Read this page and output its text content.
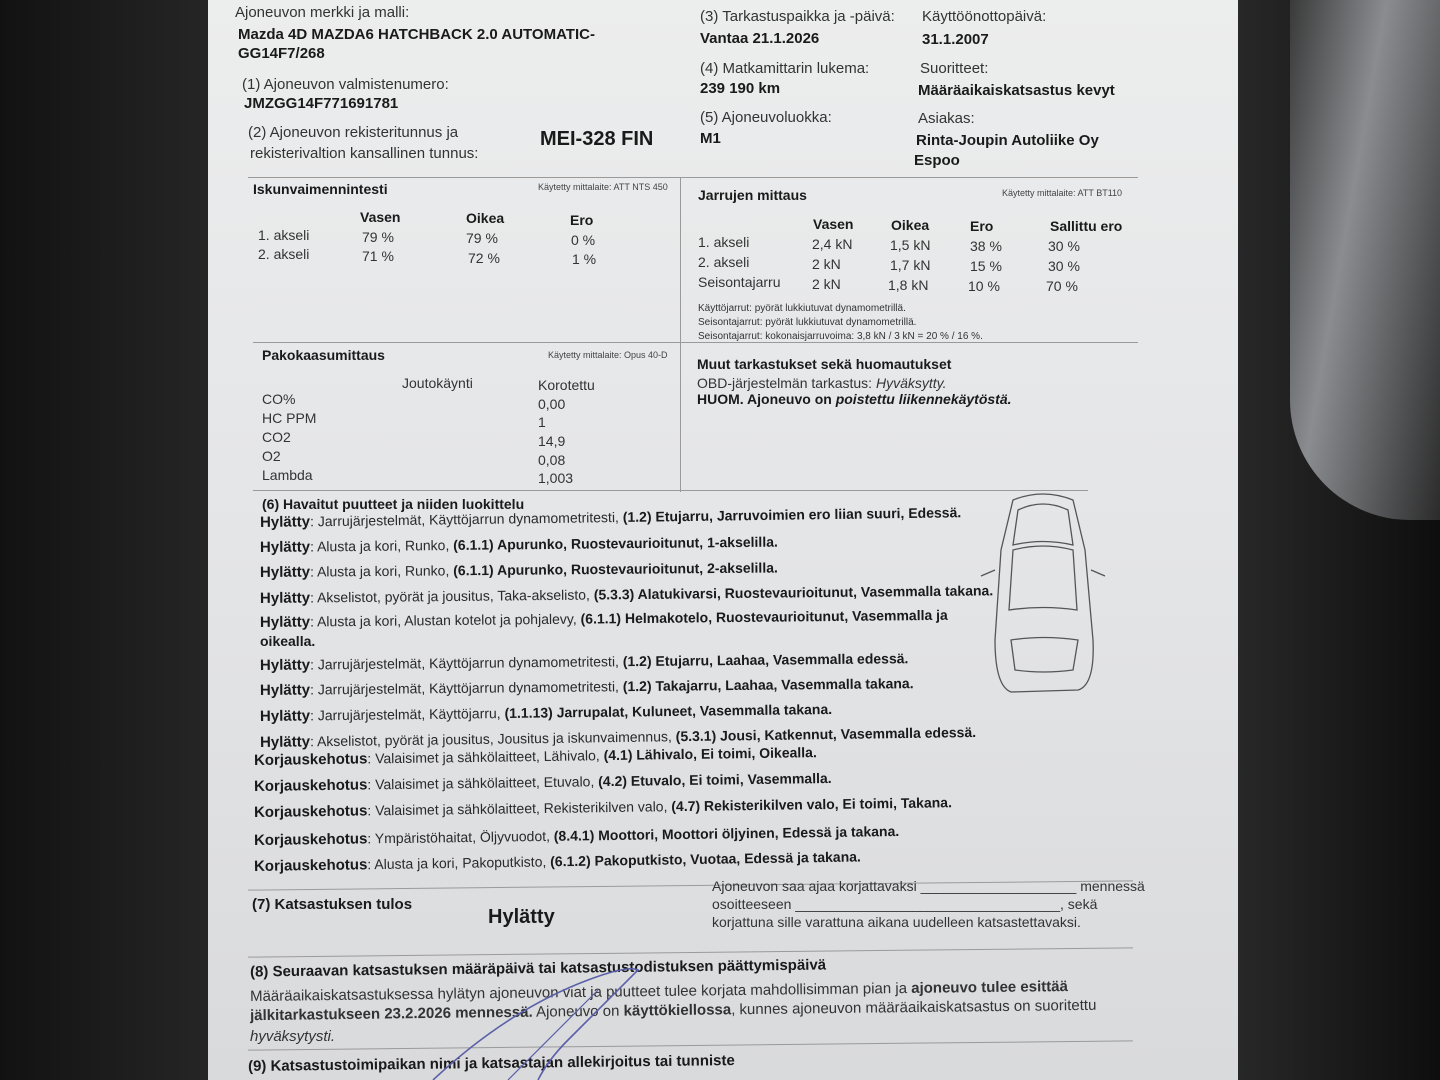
Ajoneuvon merkki ja malli:
Mazda 4D MAZDA6 HATCHBACK 2.0 AUTOMATIC-
GG14F7/268
(1) Ajoneuvon valmistenumero:
JMZGG14F771691781
(2) Ajoneuvon rekisteritunnus ja
rekisterivaltion kansallinen tunnus:
MEI-328 FIN
(3) Tarkastuspaikka ja -päivä:
Vantaa 21.1.2026
(4) Matkamittarin lukema:
239 190 km
(5) Ajoneuvoluokka:
M1
Käyttöönottopäivä:
31.1.2007
Suoritteet:
Määräaikaiskatsastus kevyt
Asiakas:
Rinta-Joupin Autoliike Oy
Espoo
Iskunvaimennintesti	Käytetty mittalaite: ATT NTS 450
Vasen	Oikea	Ero
1. akseli	79 %	79 %	0 %
2. akseli	71 %	72 %	1 %
Jarrujen mittaus	Käytetty mittalaite: ATT BT110
Vasen	Oikea	Ero	Sallittu ero
1. akseli	2,4 kN	1,5 kN	38 %	30 %
2. akseli	2 kN	1,7 kN	15 %	30 %
Seisontajarru 2 kN	1,8 kN	10 %	70 %
Käyttöjarrut: pyörät lukkiutuvat dynamometrillä.
Seisontajarrut: pyörät lukkiutuvat dynamometrillä.
Seisontajarrut: kokonaisjarruvoima: 3,8 kN / 3 kN = 20 % / 16 %.
Pakokaasumittaus	Käytetty mittalaite: Opus 40-D
Joutokäynti	Korotettu
CO%	0,00
HC PPM	1
CO2	14,9
O2	0,08
Lambda	1,003
Muut tarkastukset sekä huomautukset
OBD-järjestelmän tarkastus: Hyväksytty.
HUOM. Ajoneuvo on poistettu liikennekäytöstä.
(6) Havaitut puutteet ja niiden luokittelu
Hylätty: Jarrujärjestelmät, Käyttöjarrun dynamometritesti, (1.2) Etujarru, Jarruvoimien ero liian suuri, Edessä.
Hylätty: Alusta ja kori, Runko, (6.1.1) Apurunko, Ruostevaurioitunut, 1-akselilla.
Hylätty: Alusta ja kori, Runko, (6.1.1) Apurunko, Ruostevaurioitunut, 2-akselilla.
Hylätty: Akselistot, pyörät ja jousitus, Taka-akselisto, (5.3.3) Alatukivarsi, Ruostevaurioitunut, Vasemmalla takana.
Hylätty: Alusta ja kori, Alustan kotelot ja pohjalevy, (6.1.1) Helmakotelo, Ruostevaurioitunut, Vasemmalla ja
oikealla.
Hylätty: Jarrujärjestelmät, Käyttöjarrun dynamometritesti, (1.2) Etujarru, Laahaa, Vasemmalla edessä.
Hylätty: Jarrujärjestelmät, Käyttöjarrun dynamometritesti, (1.2) Takajarru, Laahaa, Vasemmalla takana.
Hylätty: Jarrujärjestelmät, Käyttöjarru, (1.1.13) Jarrupalat, Kuluneet, Vasemmalla takana.
Hylätty: Akselistot, pyörät ja jousitus, Jousitus ja iskunvaimennus, (5.3.1) Jousi, Katkennut, Vasemmalla edessä.
Korjauskehotus: Valaisimet ja sähkölaitteet, Lähivalo, (4.1) Lähivalo, Ei toimi, Oikealla.
Korjauskehotus: Valaisimet ja sähkölaitteet, Etuvalo, (4.2) Etuvalo, Ei toimi, Vasemmalla.
Korjauskehotus: Valaisimet ja sähkölaitteet, Rekisterikilven valo, (4.7) Rekisterikilven valo, Ei toimi, Takana.
Korjauskehotus: Ympäristöhaitat, Öljyvuodot, (8.4.1) Moottori, Moottori öljyinen, Edessä ja takana.
Korjauskehotus: Alusta ja kori, Pakoputkisto, (6.1.2) Pakoputkisto, Vuotaa, Edessä ja takana.
(7) Katsastuksen tulos
Hylätty
Ajoneuvon saa ajaa korjattavaksi ____________________ mennessä
osoitteeseen __________________________________, sekä
korjattuna sille varattuna aikana uudelleen katsastettavaksi.
(8) Seuraavan katsastuksen määräpäivä tai katsastustodistuksen päättymispäivä
Määräaikaiskatsastuksessa hylätyn ajoneuvon viat ja puutteet tulee korjata mahdollisimman pian ja ajoneuvo tulee esittää
jälkitarkastukseen 23.2.2026 mennessä. Ajoneuvo on käyttökiellossa, kunnes ajoneuvon määräaikaiskatsastus on suoritettu
hyväksytysti.
(9) Katsastustoimipaikan nimi ja katsastajan allekirjoitus tai tunniste
